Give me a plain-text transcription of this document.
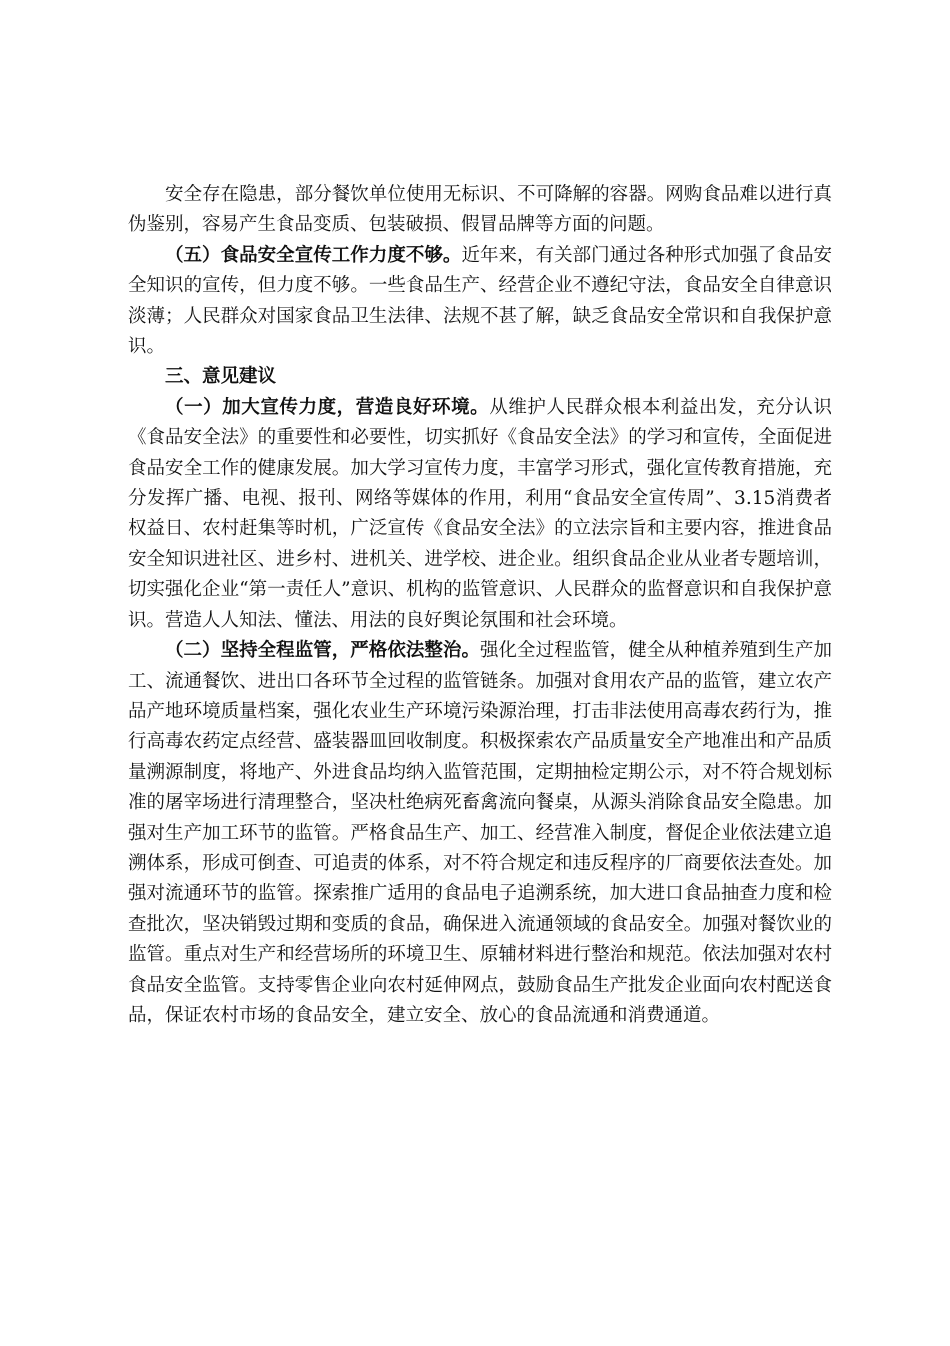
安全存在隐患，部分餐饮单位使用无标识、不可降解的容器。网购食品难以进行真伪鉴别，容易产生食品变质、包装破损、假冒品牌等方面的问题。

（五）食品安全宣传工作力度不够。近年来，有关部门通过各种形式加强了食品安全知识的宣传，但力度不够。一些食品生产、经营企业不遵纪守法，食品安全自律意识淡薄；人民群众对国家食品卫生法律、法规不甚了解，缺乏食品安全常识和自我保护意识。

三、意见建议

（一）加大宣传力度，营造良好环境。从维护人民群众根本利益出发，充分认识《食品安全法》的重要性和必要性，切实抓好《食品安全法》的学习和宣传，全面促进食品安全工作的健康发展。加大学习宣传力度，丰富学习形式，强化宣传教育措施，充分发挥广播、电视、报刊、网络等媒体的作用，利用“食品安全宣传周”、3.15消费者权益日、农村赶集等时机，广泛宣传《食品安全法》的立法宗旨和主要内容，推进食品安全知识进社区、进乡村、进机关、进学校、进企业。组织食品企业从业者专题培训，切实强化企业“第一责任人”意识、机构的监管意识、人民群众的监督意识和自我保护意识。营造人人知法、懂法、用法的良好舆论氛围和社会环境。

（二）坚持全程监管，严格依法整治。强化全过程监管，健全从种植养殖到生产加工、流通餐饮、进出口各环节全过程的监管链条。加强对食用农产品的监管，建立农产品产地环境质量档案，强化农业生产环境污染源治理，打击非法使用高毒农药行为，推行高毒农药定点经营、盛装器皿回收制度。积极探索农产品质量安全产地准出和产品质量溯源制度，将地产、外进食品均纳入监管范围，定期抽检定期公示，对不符合规划标准的屠宰场进行清理整合，坚决杜绝病死畜禽流向餐桌，从源头消除食品安全隐患。加强对生产加工环节的监管。严格食品生产、加工、经营准入制度，督促企业依法建立追溯体系，形成可倒查、可追责的体系，对不符合规定和违反程序的厂商要依法查处。加强对流通环节的监管。探索推广适用的食品电子追溯系统，加大进口食品抽查力度和检查批次，坚决销毁过期和变质的食品，确保进入流通领域的食品安全。加强对餐饮业的监管。重点对生产和经营场所的环境卫生、原辅材料进行整治和规范。依法加强对农村食品安全监管。支持零售企业向农村延伸网点，鼓励食品生产批发企业面向农村配送食品，保证农村市场的食品安全，建立安全、放心的食品流通和消费通道。
